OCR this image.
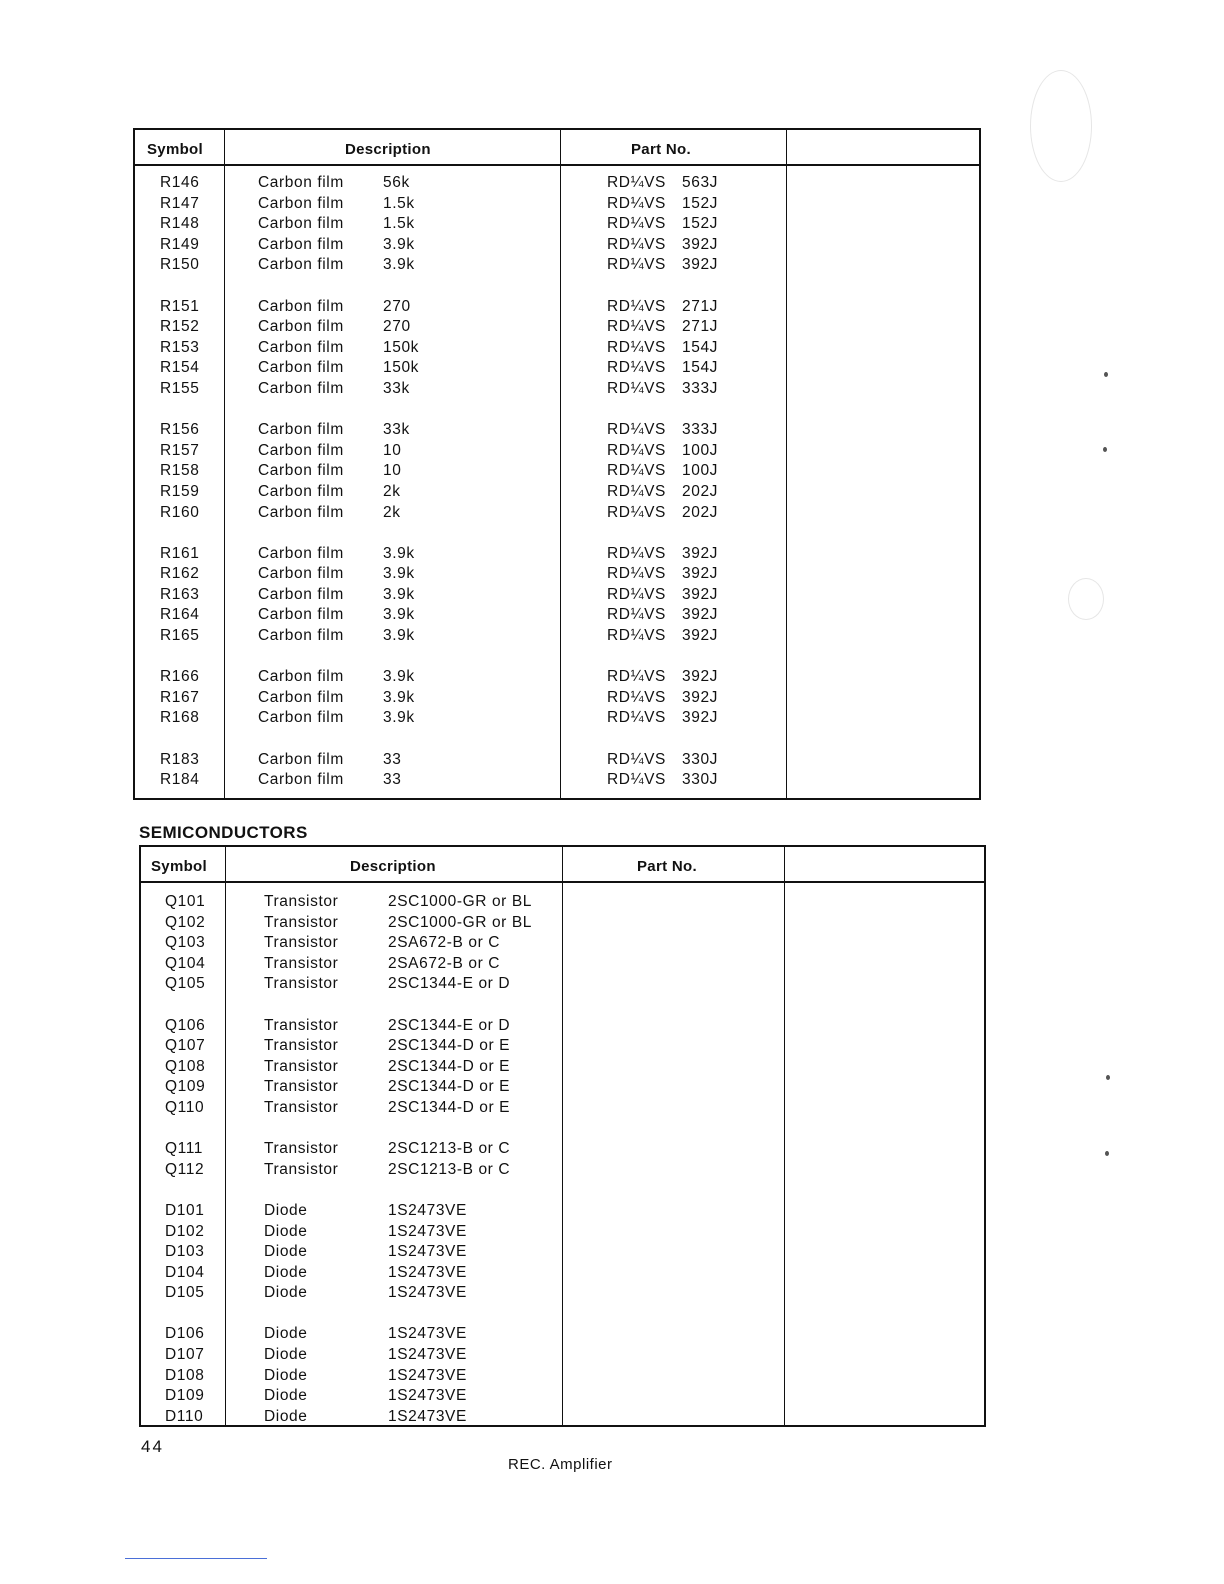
Symbol	Description	Part No.
R146	Carbon film	56k	RD¼VS 563J
R147	Carbon film	1.5k	RD¼VS 152J
R148	Carbon film	1.5k	RD¼VS 152J
R149	Carbon film	3.9k	RD¼VS 392J
R150	Carbon film	3.9k	RD¼VS 392J
R151	Carbon film	270	RD¼VS 271J
R152	Carbon film	270	RD¼VS 271J
R153	Carbon film	150k	RD¼VS 154J
R154	Carbon film	150k	RD¼VS 154J
R155	Carbon film	33k	RD¼VS 333J
R156	Carbon film	33k	RD¼VS 333J
R157	Carbon film	10	RD¼VS 100J
R158	Carbon film	10	RD¼VS 100J
R159	Carbon film	2k	RD¼VS 202J
R160	Carbon film	2k	RD¼VS 202J
R161	Carbon film	3.9k	RD¼VS 392J
R162	Carbon film	3.9k	RD¼VS 392J
R163	Carbon film	3.9k	RD¼VS 392J
R164	Carbon film	3.9k	RD¼VS 392J
R165	Carbon film	3.9k	RD¼VS 392J
R166	Carbon film	3.9k	RD¼VS 392J
R167	Carbon film	3.9k	RD¼VS 392J
R168	Carbon film	3.9k	RD¼VS 392J
R183	Carbon film	33	RD¼VS 330J
R184	Carbon film	33	RD¼VS 330J
SEMICONDUCTORS
Symbol	Description	Part No.
Q101	Transistor	2SC1000-GR or BL
Q102	Transistor	2SC1000-GR or BL
Q103	Transistor	2SA672-B or C
Q104	Transistor	2SA672-B or C
Q105	Transistor	2SC1344-E or D
Q106	Transistor	2SC1344-E or D
Q107	Transistor	2SC1344-D or E
Q108	Transistor	2SC1344-D or E
Q109	Transistor	2SC1344-D or E
Q110	Transistor	2SC1344-D or E
Q111	Transistor	2SC1213-B or C
Q112	Transistor	2SC1213-B or C
D101	Diode	1S2473VE
D102	Diode	1S2473VE
D103	Diode	1S2473VE
D104	Diode	1S2473VE
D105	Diode	1S2473VE
D106	Diode	1S2473VE
D107	Diode	1S2473VE
D108	Diode	1S2473VE
D109	Diode	1S2473VE
D110	Diode	1S2473VE
44
REC. Amplifier
